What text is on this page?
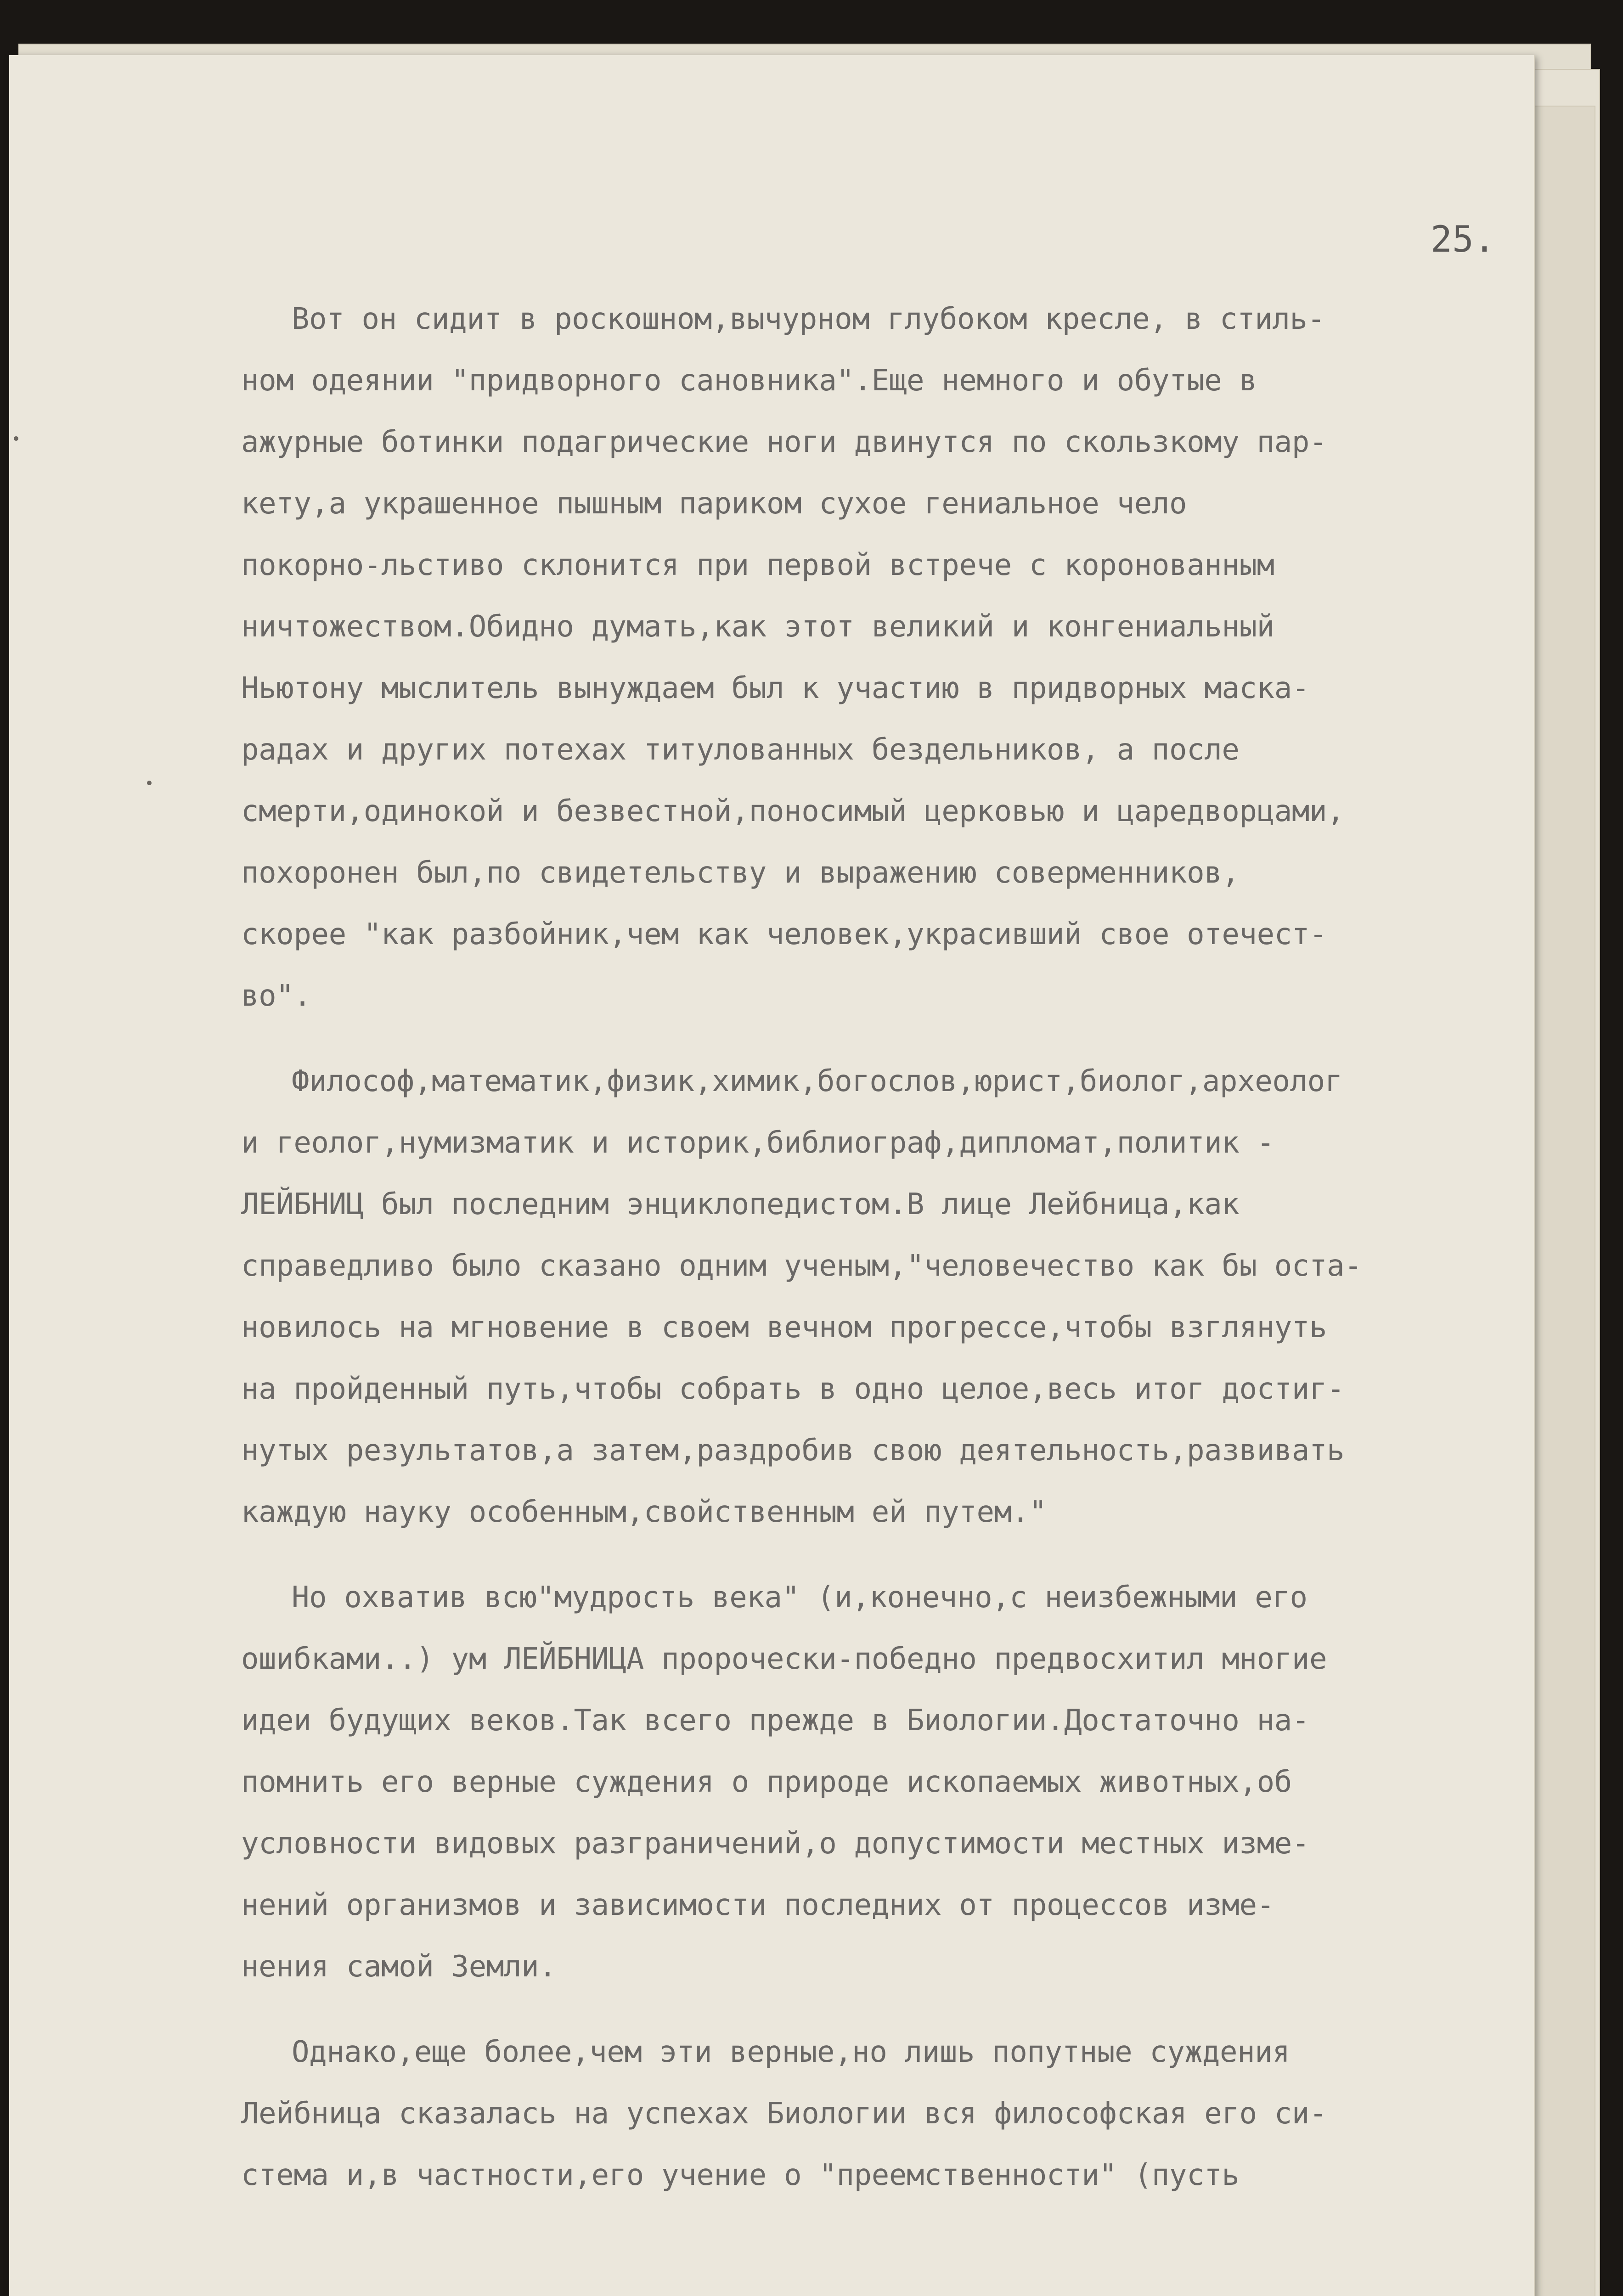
25.

Вот он сидит в роскошном,вычурном глубоком кресле, в стиль-
ном одеянии "придворного сановника".Еще немного и обутые в
ажурные ботинки подагрические ноги двинутся по скользкому пар-
кету,а украшенное пышным париком сухое гениальное чело
покорно-льстиво склонится при первой встрече с коронованным
ничтожеством.Обидно думать,как этот великий и конгениальный
Ньютону мыслитель вынуждаем был к участию в придворных маска-
радах и других потехах титулованных бездельников, а после
смерти,одинокой и безвестной,поносимый церковью и царедворцами,
похоронен был,по свидетельству и выражению соверменников,
скорее "как разбойник,чем как человек,украсивший свое отечест-
во".
Философ,математик,физик,химик,богослов,юрист,биолог,археолог
и геолог,нумизматик и историк,библиограф,дипломат,политик -
ЛЕЙБНИЦ был последним энциклопедистом.В лице Лейбница,как
справедливо было сказано одним ученым,"человечество как бы оста-
новилось на мгновение в своем вечном прогрессе,чтобы взглянуть
на пройденный путь,чтобы собрать в одно целое,весь итог достиг-
нутых результатов,а затем,раздробив свою деятельность,развивать
каждую науку особенным,свойственным ей путем."
Но охватив всю"мудрость века" (и,конечно,с неизбежными его
ошибками..) ум ЛЕЙБНИЦА пророчески-победно предвосхитил многие
идеи будущих веков.Так всего прежде в Биологии.Достаточно на-
помнить его верные суждения о природе ископаемых животных,об
условности видовых разграничений,о допустимости местных изме-
нений организмов и зависимости последних от процессов изме-
нения самой Земли.
Однако,еще более,чем эти верные,но лишь попутные суждения
Лейбница сказалась на успехах Биологии вся философская его си-
стема и,в частности,его учение о "преемственности" (пусть
